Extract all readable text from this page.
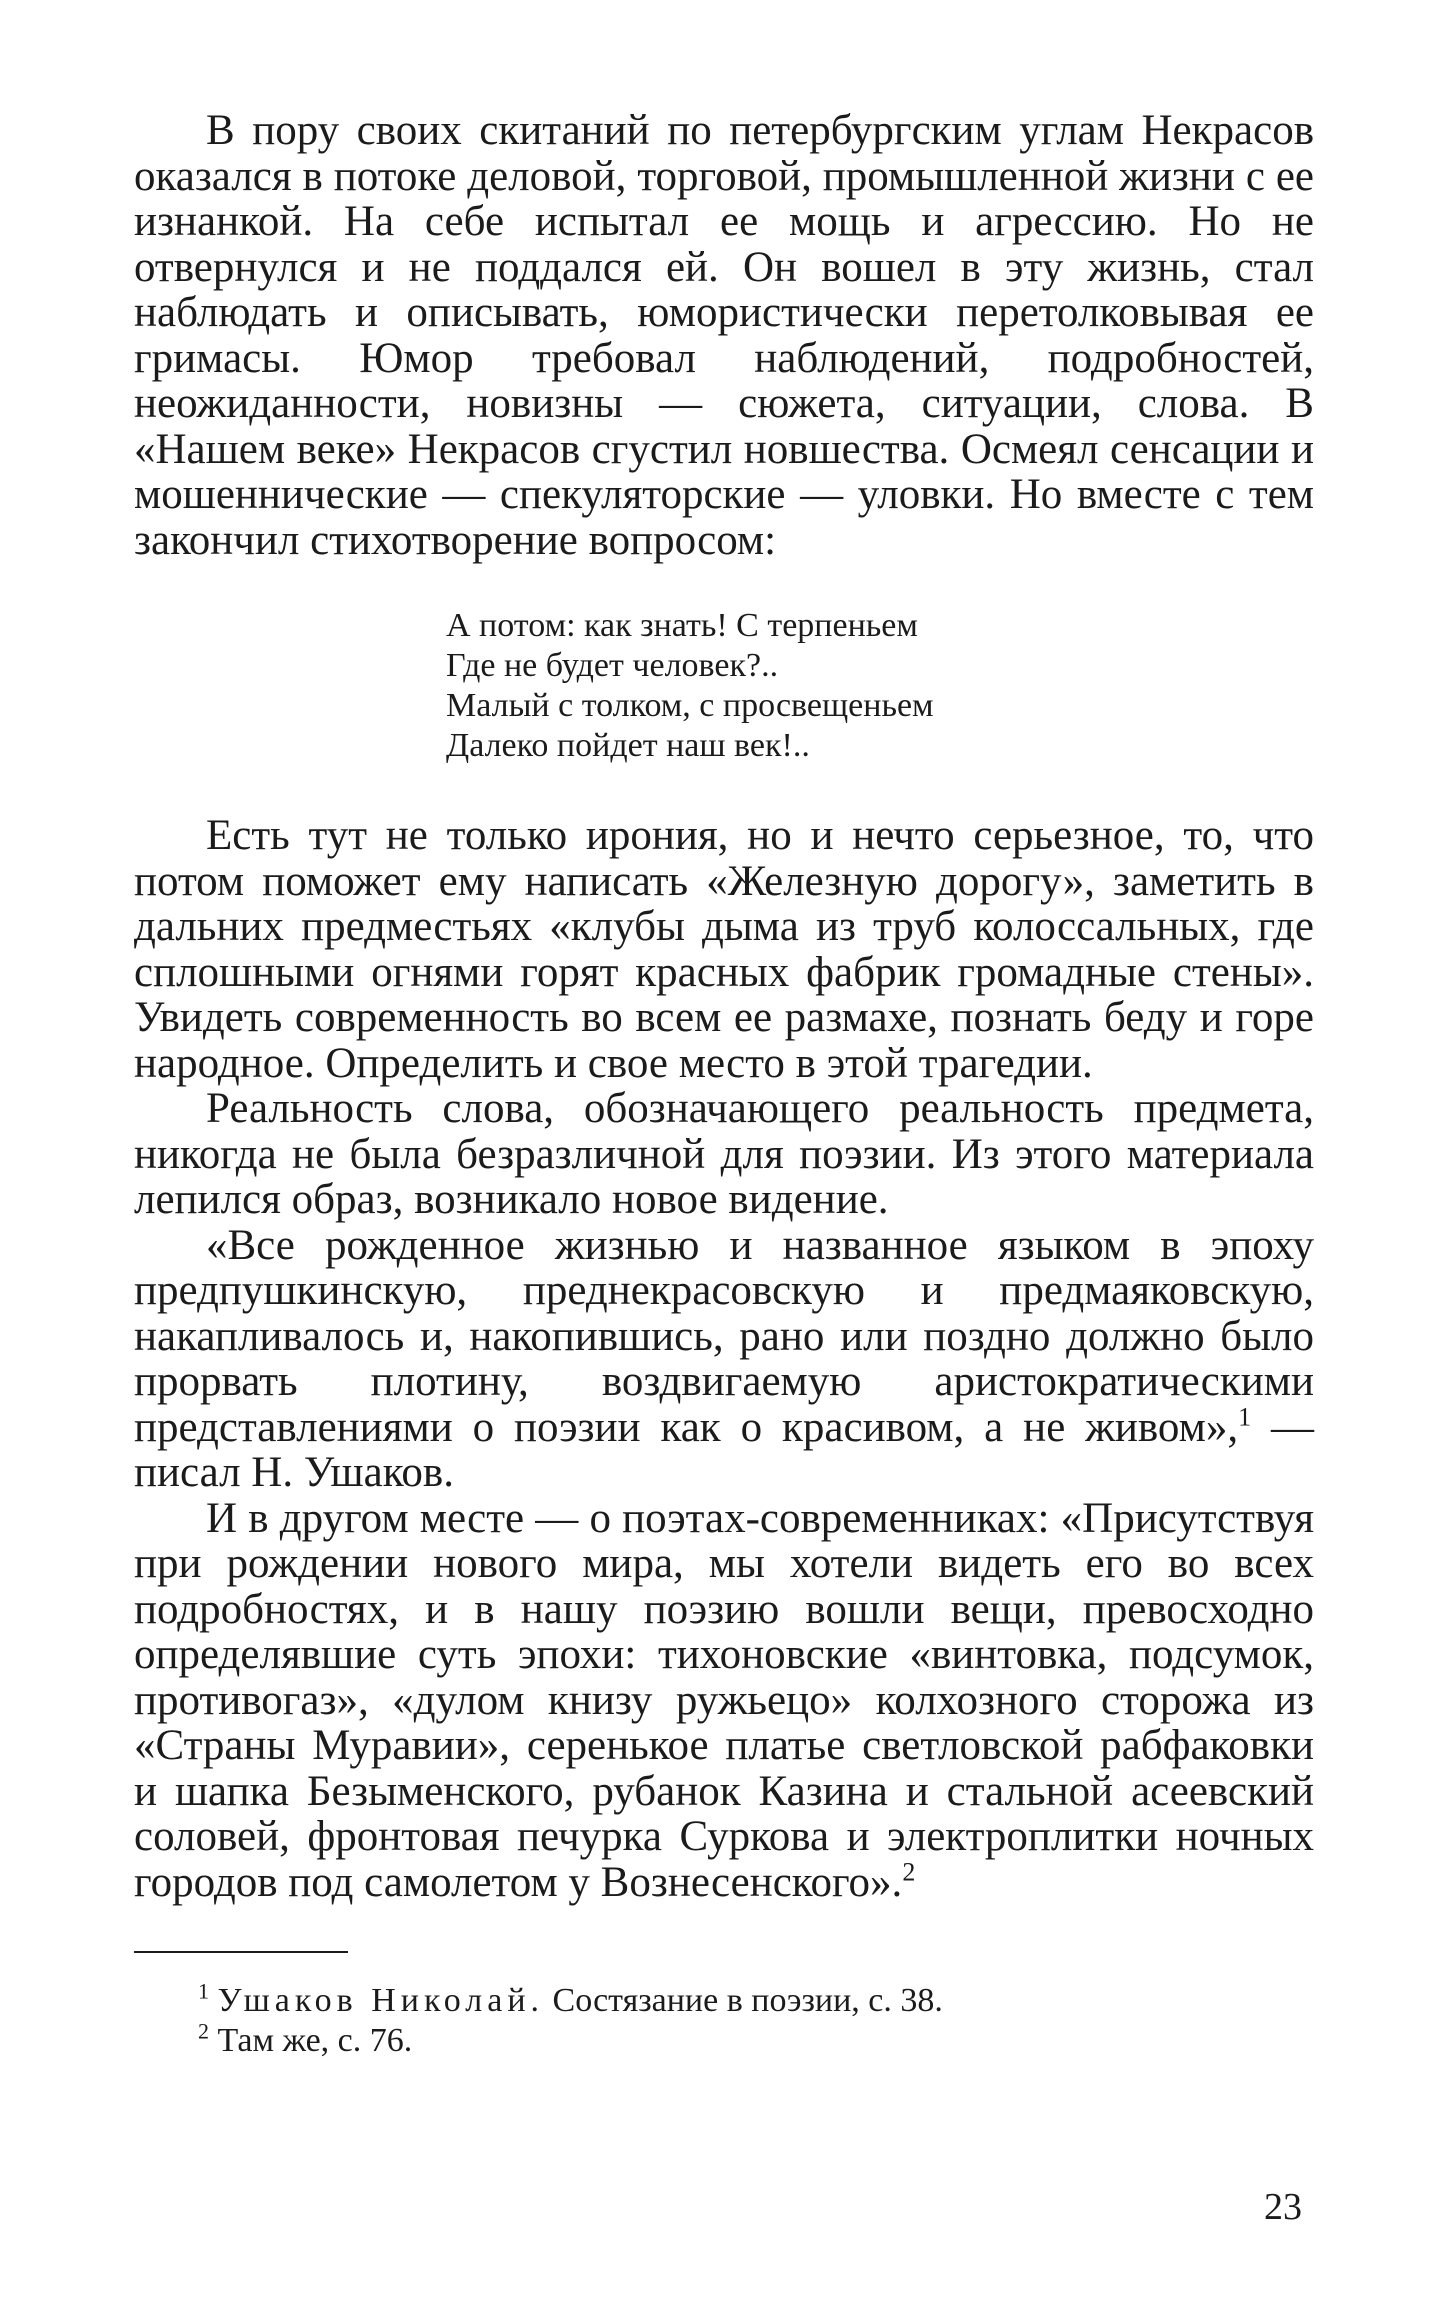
В пору своих скитаний по петербургским углам Некрасов оказался в потоке деловой, торговой, промышленной жизни с ее изнанкой. На себе испытал ее мощь и агрессию. Но не отвернулся и не поддался ей. Он вошел в эту жизнь, стал наблюдать и описывать, юмористически перетолковывая ее гримасы. Юмор требовал наблюдений, подробностей, неожиданности, новизны — сюжета, ситуации, слова. В «Нашем веке» Некрасов сгустил новшества. Осмеял сенсации и мошеннические — спекуляторские — уловки. Но вместе с тем закончил стихотворение вопросом:

А потом: как знать! С терпеньем
Где не будет человек?..
Малый с толком, с просвещеньем
Далеко пойдет наш век!..

Есть тут не только ирония, но и нечто серьезное, то, что потом поможет ему написать «Железную дорогу», заметить в дальних предместьях «клубы дыма из труб колоссальных, где сплошными огнями горят красных фабрик громадные стены». Увидеть современность во всем ее размахе, познать беду и горе народное. Определить и свое место в этой трагедии.

Реальность слова, обозначающего реальность предмета, никогда не была безразличной для поэзии. Из этого материала лепился образ, возникало новое видение.

«Все рожденное жизнью и названное языком в эпоху предпушкинскую, преднекрасовскую и предмаяковскую, накапливалось и, накопившись, рано или поздно должно было прорвать плотину, воздвигаемую аристократическими представлениями о поэзии как о красивом, а не живом»,$^1$ — писал Н. Ушаков.

И в другом месте — о поэтах-современниках: «Присутствуя при рождении нового мира, мы хотели видеть его во всех подробностях, и в нашу поэзию вошли вещи, превосходно определявшие суть эпохи: тихоновские «винтовка, подсумок, противогаз», «дулом книзу ружьецо» колхозного сторожа из «Страны Муравии», серенькое платье светловской рабфаковки и шапка Безыменского, рубанок Казина и стальной асеевский соловей, фронтовая печурка Суркова и электроплитки ночных городов под самолетом у Вознесенского».$^2$

$^1$ Ушаков Николай. Состязание в поэзии, с. 38.

$^2$ Там же, с. 76.

23
